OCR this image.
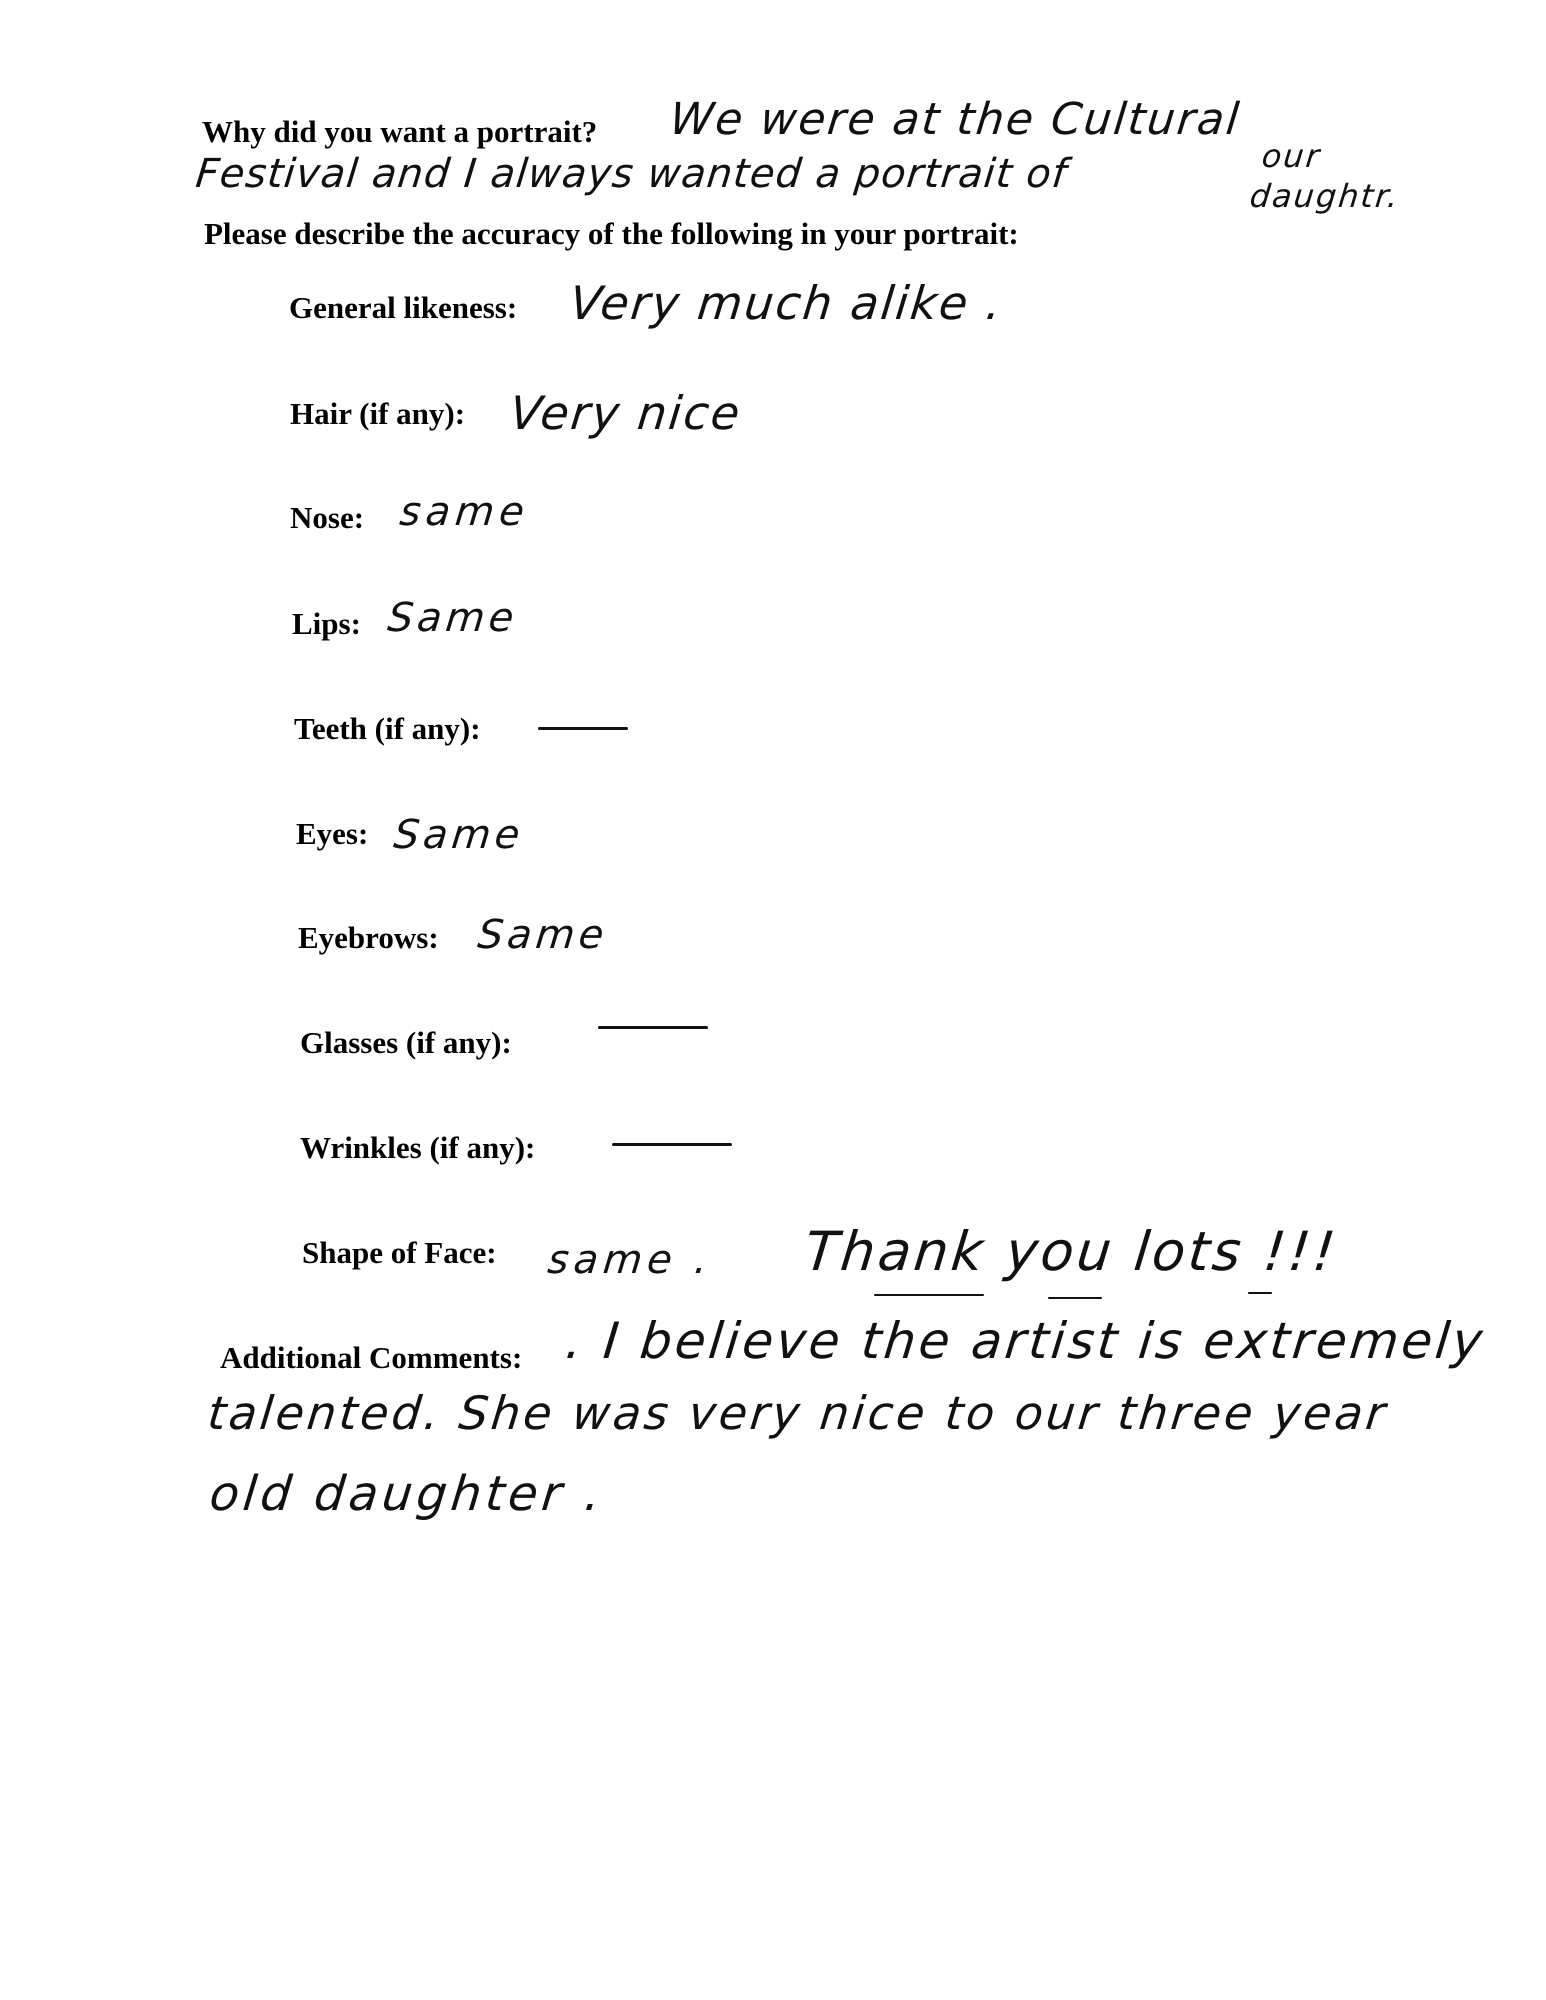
Why did you want a portrait? We were at the Cultural
Festival and I always wanted a portrait of	our
daughtr.
Please describe the accuracy of the following in your portrait:
General likeness: Very much alike .
Hair (if any): Very nice
Nose: same
Lips: Same
Teeth (if any):
Eyes: Same
Eyebrows: Same
Glasses (if any):
Wrinkles (if any):
Shape of Face: same . Thank you lots !!!
Additional Comments: . I believe the artist is extremely
talented. She was very nice to our three year
old daughter .
